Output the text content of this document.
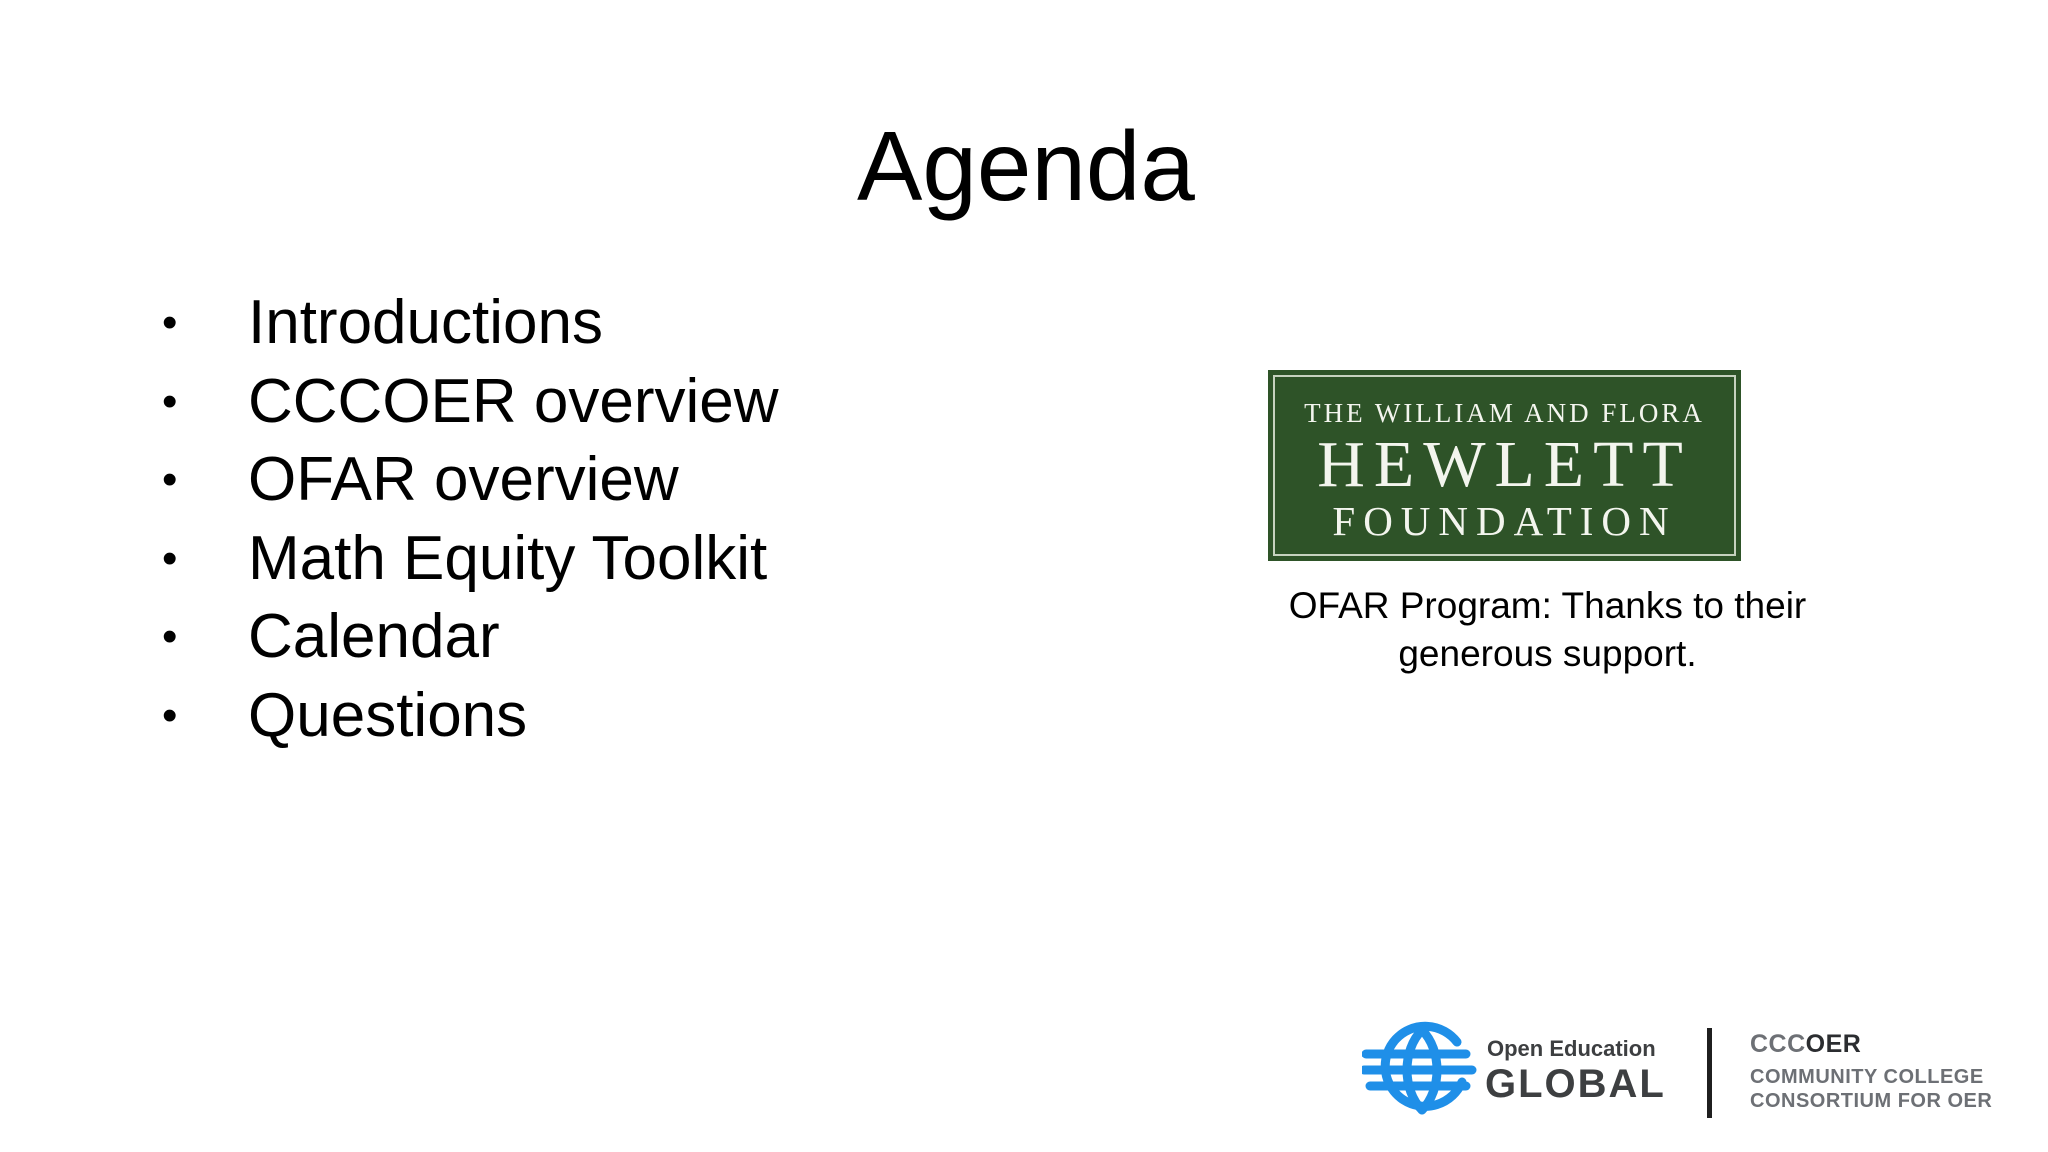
Agenda
• Introductions
• CCCOER overview
• OFAR overview
• Math Equity Toolkit
• Calendar
• Questions
THE WILLIAM AND FLORA
HEWLETT
FOUNDATION
OFAR Program: Thanks to their generous support.
Open Education
GLOBAL
CCCOER
COMMUNITY COLLEGE
CONSORTIUM FOR OER
